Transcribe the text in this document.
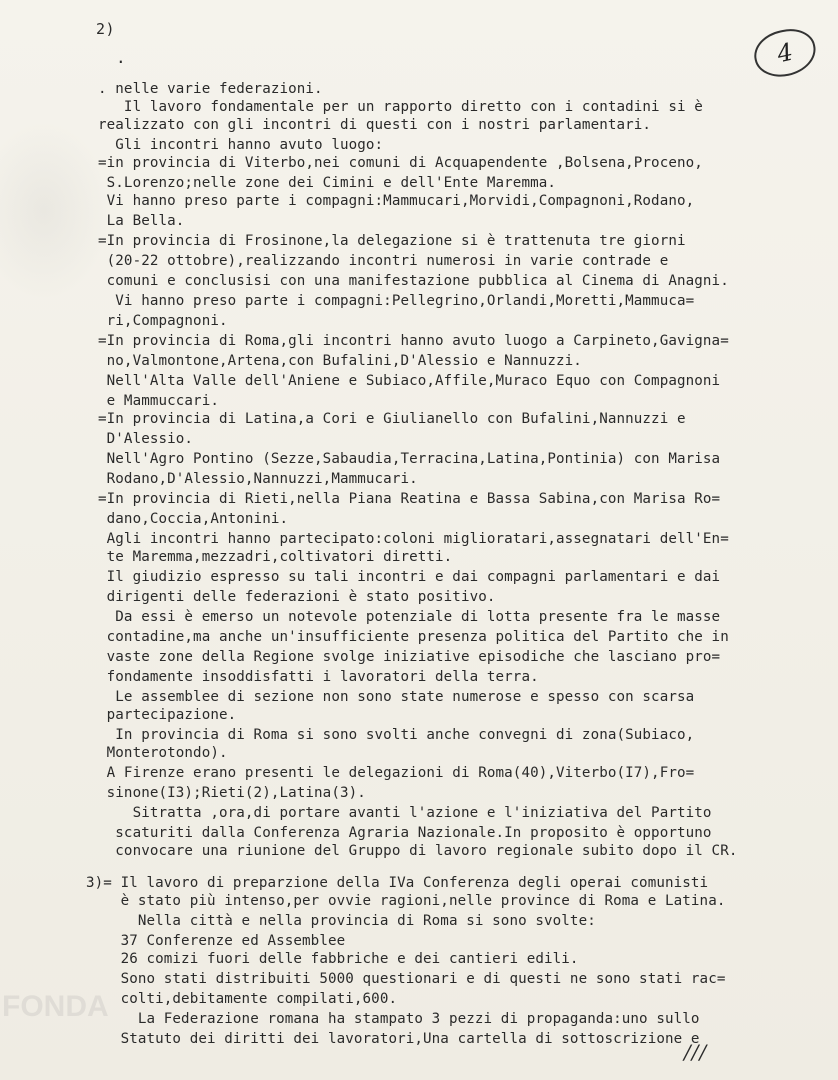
2)
.	4
. nelle varie federazioni.
Il lavoro fondamentale per un rapporto diretto con i contadini si è
realizzato con gli incontri di questi con i nostri parlamentari.
Gli incontri hanno avuto luogo:
=in provincia di Viterbo,nei comuni di Acquapendente ,Bolsena,Proceno,
S.Lorenzo;nelle zone dei Cimini e dell'Ente Maremma.
Vi hanno preso parte i compagni:Mammucari,Morvidi,Compagnoni,Rodano,
La Bella.
=In provincia di Frosinone,la delegazione si è trattenuta tre giorni
(20-22 ottobre),realizzando incontri numerosi in varie contrade e
comuni e conclusisi con una manifestazione pubblica al Cinema di Anagni.
Vi hanno preso parte i compagni:Pellegrino,Orlandi,Moretti,Mammuca=
ri,Compagnoni.
=In provincia di Roma,gli incontri hanno avuto luogo a Carpineto,Gavigna=
no,Valmontone,Artena,con Bufalini,D'Alessio e Nannuzzi.
Nell'Alta Valle dell'Aniene e Subiaco,Affile,Muraco Equo con Compagnoni
e Mammuccari.
=In provincia di Latina,a Cori e Giulianello con Bufalini,Nannuzzi e
D'Alessio.
Nell'Agro Pontino (Sezze,Sabaudia,Terracina,Latina,Pontinia) con Marisa
Rodano,D'Alessio,Nannuzzi,Mammucari.
=In provincia di Rieti,nella Piana Reatina e Bassa Sabina,con Marisa Ro=
dano,Coccia,Antonini.
Agli incontri hanno partecipato:coloni miglioratari,assegnatari dell'En=
te Maremma,mezzadri,coltivatori diretti.
Il giudizio espresso su tali incontri e dai compagni parlamentari e dai
dirigenti delle federazioni è stato positivo.
Da essi è emerso un notevole potenziale di lotta presente fra le masse
contadine,ma anche un'insufficiente presenza politica del Partito che in
vaste zone della Regione svolge iniziative episodiche che lasciano pro=
fondamente insoddisfatti i lavoratori della terra.
Le assemblee di sezione non sono state numerose e spesso con scarsa
partecipazione.
In provincia di Roma si sono svolti anche convegni di zona(Subiaco,
Monterotondo).
A Firenze erano presenti le delegazioni di Roma(40),Viterbo(I7),Fro=
sinone(I3);Rieti(2),Latina(3).
Sitratta ,ora,di portare avanti l'azione e l'iniziativa del Partito
scaturiti dalla Conferenza Agraria Nazionale.In proposito è opportuno
convocare una riunione del Gruppo di lavoro regionale subito dopo il CR.
3)= Il lavoro di preparzione della IVa Conferenza degli operai comunisti
è stato più intenso,per ovvie ragioni,nelle province di Roma e Latina.
Nella città e nella provincia di Roma si sono svolte:
37 Conferenze ed Assemblee
26 comizi fuori delle fabbriche e dei cantieri edili.
Sono stati distribuiti 5000 questionari e di questi ne sono stati rac=
colti,debitamente compilati,600.
La Federazione romana ha stampato 3 pezzi di propaganda:uno sullo
Statuto dei diritti dei lavoratori,Una cartella di sottoscrizione e
///
FONDA
